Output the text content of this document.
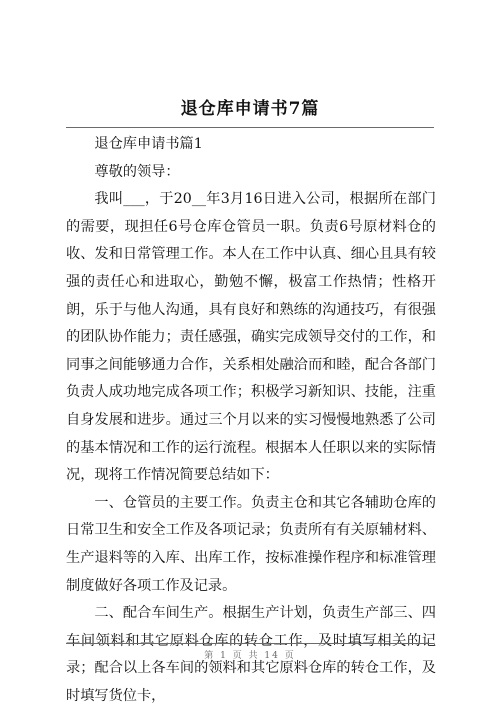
退仓库申请书7篇

退仓库申请书篇1

尊敬的领导：

我叫___，于20__年3月16日进入公司，根据所在部门的需要，现担任6号仓库仓管员一职。负责6号原材料仓的收、发和日常管理工作。本人在工作中认真、细心且具有较强的责任心和进取心，勤勉不懈，极富工作热情；性格开朗，乐于与他人沟通，具有良好和熟练的沟通技巧，有很强的团队协作能力；责任感强，确实完成领导交付的工作，和同事之间能够通力合作，关系相处融洽而和睦，配合各部门负责人成功地完成各项工作；积极学习新知识、技能，注重自身发展和进步。通过三个月以来的实习慢慢地熟悉了公司的基本情况和工作的运行流程。根据本人任职以来的实际情况，现将工作情况简要总结如下：

一、仓管员的主要工作。负责主仓和其它各辅助仓库的日常卫生和安全工作及各项记录；负责所有有关原辅材料、生产退料等的入库、出库工作，按标准操作程序和标准管理制度做好各项工作及记录。

二、配合车间生产。根据生产计划，负责生产部三、四车间领料和其它原料仓库的转仓工作，及时填写相关的记录；配合以上各车间的领料和其它原料仓库的转仓工作，及时填写货位卡，

第 1 页 共 14 页
